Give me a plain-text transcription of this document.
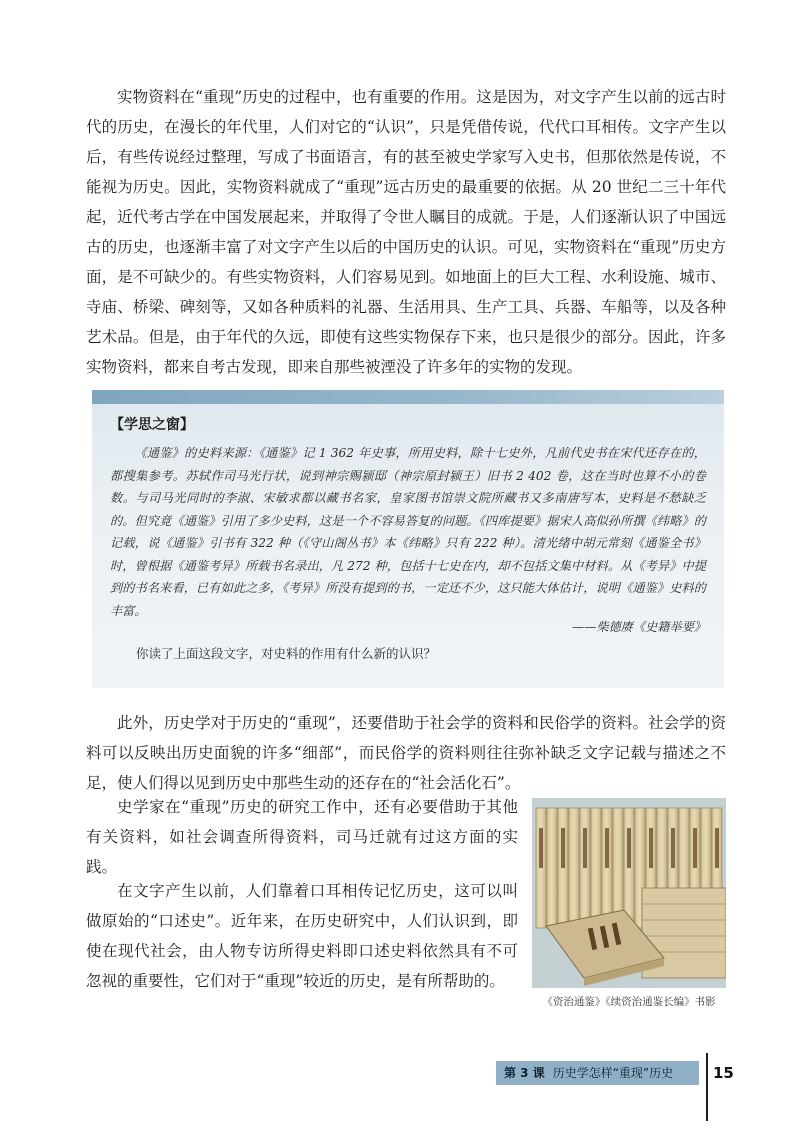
实物资料在“重现”历史的过程中，也有重要的作用。这是因为，对文字产生以前的远古时代的历史，在漫长的年代里，人们对它的“认识”，只是凭借传说，代代口耳相传。文字产生以后，有些传说经过整理，写成了书面语言，有的甚至被史学家写入史书，但那依然是传说，不能视为历史。因此，实物资料就成了“重现”远古历史的最重要的依据。从 20 世纪二三十年代起，近代考古学在中国发展起来，并取得了令世人瞩目的成就。于是，人们逐渐认识了中国远古的历史，也逐渐丰富了对文字产生以后的中国历史的认识。可见，实物资料在“重现”历史方面，是不可缺少的。有些实物资料，人们容易见到。如地面上的巨大工程、水利设施、城市、寺庙、桥梁、碑刻等，又如各种质料的礼器、生活用具、生产工具、兵器、车船等，以及各种艺术品。但是，由于年代的久远，即使有这些实物保存下来，也只是很少的部分。因此，许多实物资料，都来自考古发现，即来自那些被湮没了许多年的实物的发现。

【学思之窗】

《通鉴》的史料来源：《通鉴》记 1 362 年史事，所用史料，除十七史外，凡前代史书在宋代还存在的，都搜集参考。苏轼作司马光行状，说到神宗赐颍邸（神宗原封颍王）旧书 2 402 卷，这在当时也算不小的卷数。与司马光同时的李淑、宋敏求都以藏书名家，皇家图书馆崇文院所藏书又多南唐写本，史料是不愁缺乏的。但究竟《通鉴》引用了多少史料，这是一个不容易答复的问题。《四库提要》据宋人高似孙所撰《纬略》的记载，说《通鉴》引书有 322 种（《守山阁丛书》本《纬略》只有 222 种）。清光绪中胡元常刻《通鉴全书》时，曾根据《通鉴考异》所载书名录出，凡 272 种，包括十七史在内，却不包括文集中材料。从《考异》中提到的书名来看，已有如此之多，《考异》所没有提到的书，一定还不少，这只能大体估计，说明《通鉴》史料的丰富。

——柴德赓《史籍举要》
你读了上面这段文字，对史料的作用有什么新的认识？

此外，历史学对于历史的“重现”，还要借助于社会学的资料和民俗学的资料。社会学的资料可以反映出历史面貌的许多“细部”，而民俗学的资料则往往弥补缺乏文字记载与描述之不足，使人们得以见到历史中那些生动的还存在的“社会活化石”。

史学家在“重现”历史的研究工作中，还有必要借助于其他有关资料，如社会调查所得资料，司马迁就有过这方面的实践。

在文字产生以前，人们靠着口耳相传记忆历史，这可以叫做原始的“口述史”。近年来，在历史研究中，人们认识到，即使在现代社会，由人物专访所得史料即口述史料依然具有不可忽视的重要性，它们对于“重现”较近的历史，是有所帮助的。

《资治通鉴》《续资治通鉴长编》书影
第 3 课 历史学怎样“重现”历史	15
